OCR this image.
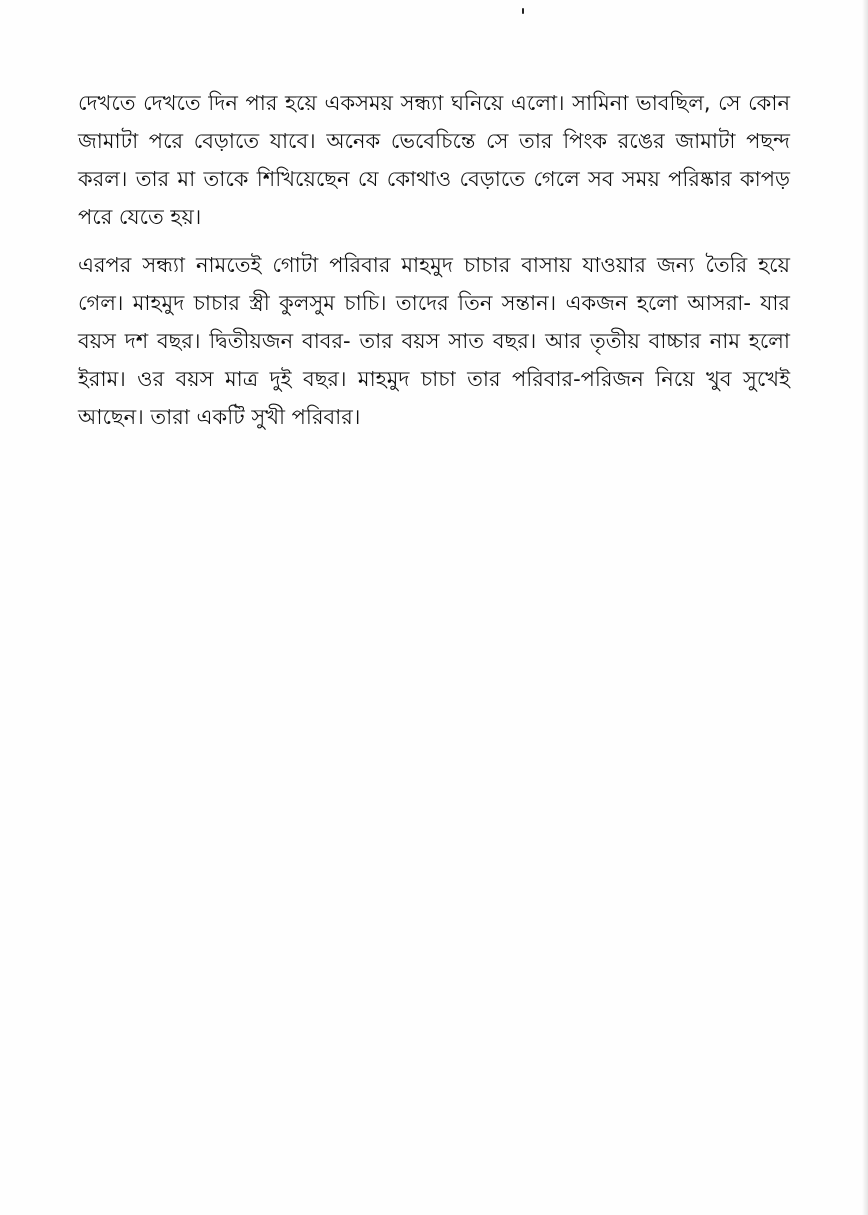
দেখতে দেখতে দিন পার হয়ে একসময় সন্ধ্যা ঘনিয়ে এলো। সামিনা ভাবছিল, সে কোন জামাটা পরে বেড়াতে যাবে। অনেক ভেবেচিন্তে সে তার পিংক রঙের জামাটা পছন্দ করল। তার মা তাকে শিখিয়েছেন যে কোথাও বেড়াতে গেলে সব সময় পরিষ্কার কাপড় পরে যেতে হয়।

এরপর সন্ধ্যা নামতেই গোটা পরিবার মাহমুদ চাচার বাসায় যাওয়ার জন্য তৈরি হয়ে গেল। মাহমুদ চাচার স্ত্রী কুলসুম চাচি। তাদের তিন সন্তান। একজন হলো আসরা- যার বয়স দশ বছর। দ্বিতীয়জন বাবর- তার বয়স সাত বছর। আর তৃতীয় বাচ্চার নাম হলো ইরাম। ওর বয়স মাত্র দুই বছর। মাহমুদ চাচা তার পরিবার-পরিজন নিয়ে খুব সুখেই আছেন। তারা একটি সুখী পরিবার।
